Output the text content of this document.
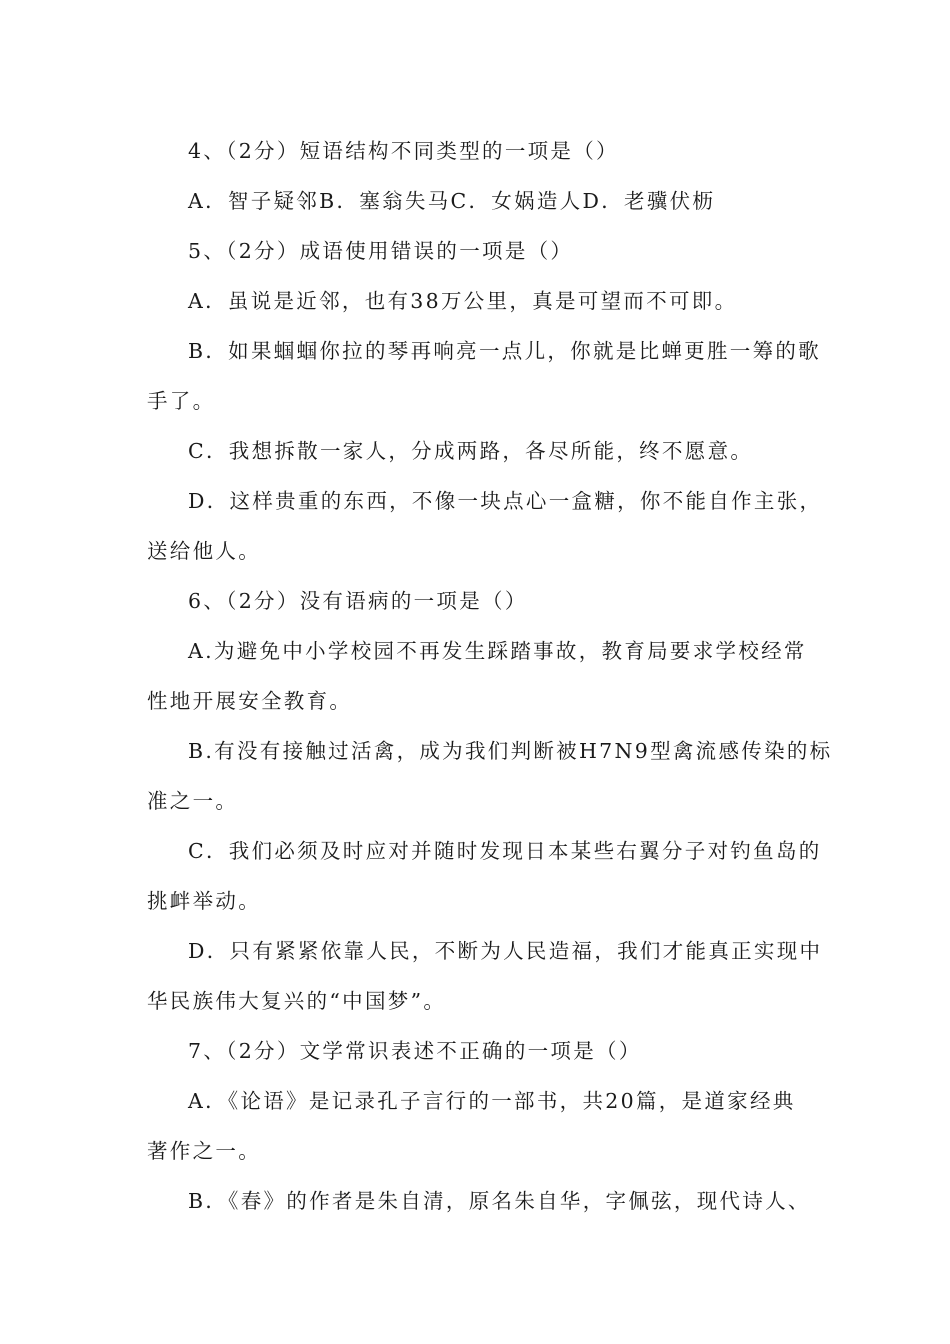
4、（2分）短语结构不同类型的一项是（）
A．智子疑邻B．塞翁失马C．女娲造人D．老骥伏枥
5、（2分）成语使用错误的一项是（）
A．虽说是近邻，也有38万公里，真是可望而不可即。
B．如果蝈蝈你拉的琴再响亮一点儿，你就是比蝉更胜一筹的歌
手了。
C．我想拆散一家人，分成两路，各尽所能，终不愿意。
D．这样贵重的东西，不像一块点心一盒糖，你不能自作主张，
送给他人。
6、（2分）没有语病的一项是（）
A.为避免中小学校园不再发生踩踏事故，教育局要求学校经常
性地开展安全教育。
B.有没有接触过活禽，成为我们判断被H7N9型禽流感传染的标
准之一。
C．我们必须及时应对并随时发现日本某些右翼分子对钓鱼岛的
挑衅举动。
D．只有紧紧依靠人民，不断为人民造福，我们才能真正实现中
华民族伟大复兴的“中国梦”。
7、（2分）文学常识表述不正确的一项是（）
A．《论语》是记录孔子言行的一部书，共20篇，是道家经典
著作之一。
B．《春》的作者是朱自清，原名朱自华，字佩弦，现代诗人、
